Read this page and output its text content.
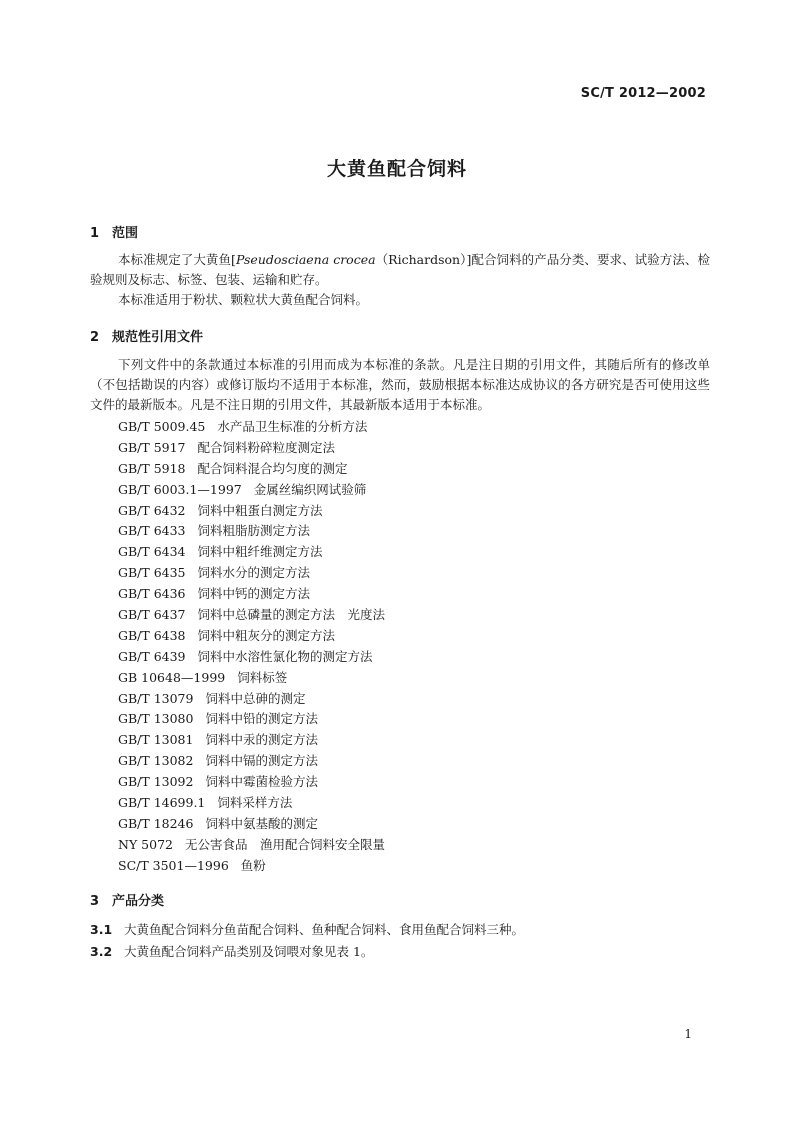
SC/T 2012—2002
大黄鱼配合饲料
1 范围
本标准规定了大黄鱼[Pseudosciaena crocea（Richardson）]配合饲料的产品分类、要求、试验方法、检验规则及标志、标签、包装、运输和贮存。
本标准适用于粉状、颗粒状大黄鱼配合饲料。
2 规范性引用文件
下列文件中的条款通过本标准的引用而成为本标准的条款。凡是注日期的引用文件，其随后所有的修改单（不包括勘误的内容）或修订版均不适用于本标准，然而，鼓励根据本标准达成协议的各方研究是否可使用这些文件的最新版本。凡是不注日期的引用文件，其最新版本适用于本标准。
GB/T 5009.45 水产品卫生标准的分析方法
GB/T 5917 配合饲料粉碎粒度测定法
GB/T 5918 配合饲料混合均匀度的测定
GB/T 6003.1—1997 金属丝编织网试验筛
GB/T 6432 饲料中粗蛋白测定方法
GB/T 6433 饲料粗脂肪测定方法
GB/T 6434 饲料中粗纤维测定方法
GB/T 6435 饲料水分的测定方法
GB/T 6436 饲料中钙的测定方法
GB/T 6437 饲料中总磷量的测定方法　光度法
GB/T 6438 饲料中粗灰分的测定方法
GB/T 6439 饲料中水溶性氯化物的测定方法
GB 10648—1999 饲料标签
GB/T 13079 饲料中总砷的测定
GB/T 13080 饲料中铅的测定方法
GB/T 13081 饲料中汞的测定方法
GB/T 13082 饲料中镉的测定方法
GB/T 13092 饲料中霉菌检验方法
GB/T 14699.1 饲料采样方法
GB/T 18246 饲料中氨基酸的测定
NY 5072 无公害食品　渔用配合饲料安全限量
SC/T 3501—1996 鱼粉
3 产品分类
3.1 大黄鱼配合饲料分鱼苗配合饲料、鱼种配合饲料、食用鱼配合饲料三种。
3.2 大黄鱼配合饲料产品类别及饲喂对象见表 1。
1
